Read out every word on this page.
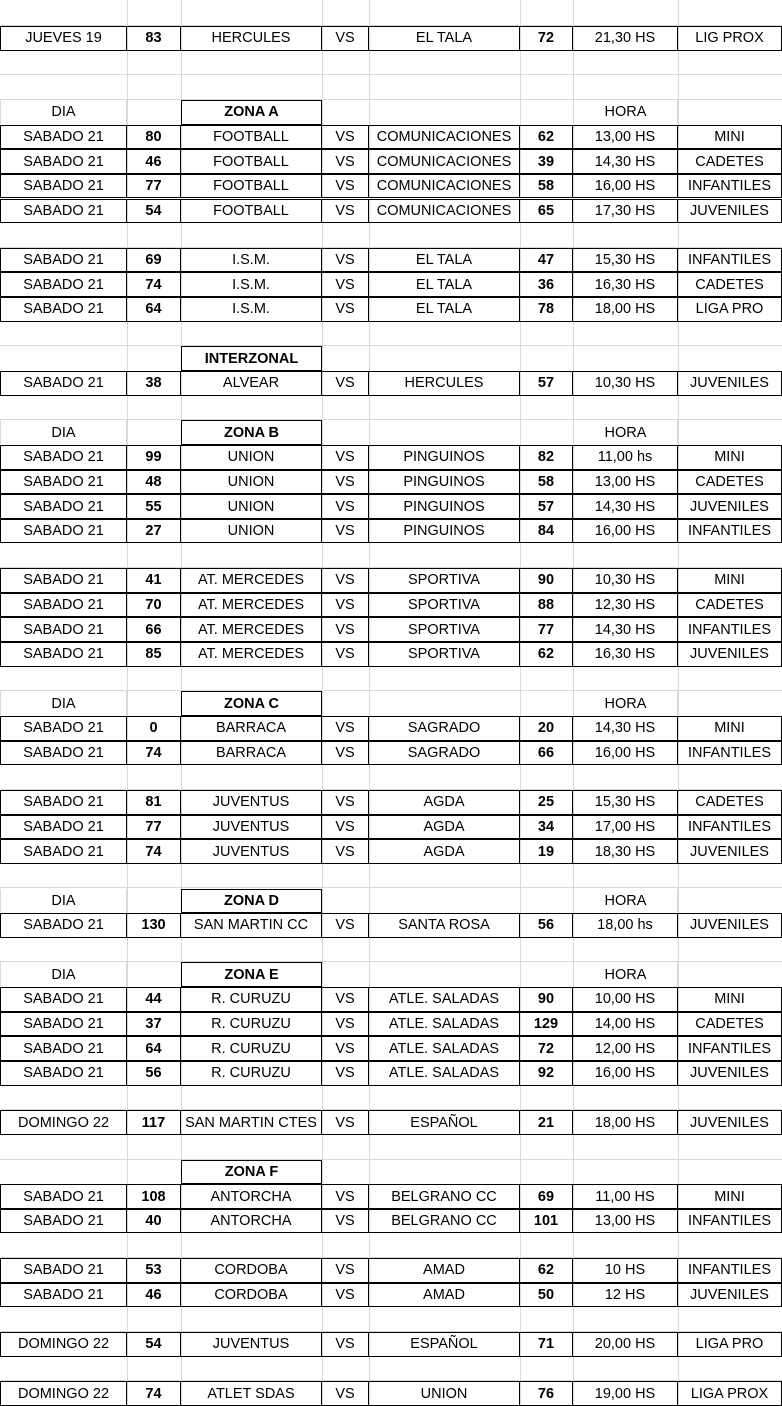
JUEVES 19	83	HERCULES	VS	EL TALA	72	21,30 HS	LIG PROX
DIA	ZONA A	HORA
SABADO 21	80	FOOTBALL	VS	COMUNICACIONES	62	13,00 HS	MINI
SABADO 21	46	FOOTBALL	VS	COMUNICACIONES	39	14,30 HS	CADETES
SABADO 21	77	FOOTBALL	VS	COMUNICACIONES	58	16,00 HS	INFANTILES
SABADO 21	54	FOOTBALL	VS	COMUNICACIONES	65	17,30 HS	JUVENILES
SABADO 21	69	I.S.M.	VS	EL TALA	47	15,30 HS	INFANTILES
SABADO 21	74	I.S.M.	VS	EL TALA	36	16,30 HS	CADETES
SABADO 21	64	I.S.M.	VS	EL TALA	78	18,00 HS	LIGA PRO
INTERZONAL
SABADO 21	38	ALVEAR	VS	HERCULES	57	10,30 HS	JUVENILES
DIA	ZONA B	HORA
SABADO 21	99	UNION	VS	PINGUINOS	82	11,00 hs	MINI
SABADO 21	48	UNION	VS	PINGUINOS	58	13,00 HS	CADETES
SABADO 21	55	UNION	VS	PINGUINOS	57	14,30 HS	JUVENILES
SABADO 21	27	UNION	VS	PINGUINOS	84	16,00 HS	INFANTILES
SABADO 21	41	AT. MERCEDES	VS	SPORTIVA	90	10,30 HS	MINI
SABADO 21	70	AT. MERCEDES	VS	SPORTIVA	88	12,30 HS	CADETES
SABADO 21	66	AT. MERCEDES	VS	SPORTIVA	77	14,30 HS	INFANTILES
SABADO 21	85	AT. MERCEDES	VS	SPORTIVA	62	16,30 HS	JUVENILES
DIA	ZONA C	HORA
SABADO 21	0	BARRACA	VS	SAGRADO	20	14,30 HS	MINI
SABADO 21	74	BARRACA	VS	SAGRADO	66	16,00 HS	INFANTILES
SABADO 21	81	JUVENTUS	VS	AGDA	25	15,30 HS	CADETES
SABADO 21	77	JUVENTUS	VS	AGDA	34	17,00 HS	INFANTILES
SABADO 21	74	JUVENTUS	VS	AGDA	19	18,30 HS	JUVENILES
DIA	ZONA D	HORA
SABADO 21	130	SAN MARTIN CC	VS	SANTA ROSA	56	18,00 hs	JUVENILES
DIA	ZONA E	HORA
SABADO 21	44	R. CURUZU	VS	ATLE. SALADAS	90	10,00 HS	MINI
SABADO 21	37	R. CURUZU	VS	ATLE. SALADAS	129	14,00 HS	CADETES
SABADO 21	64	R. CURUZU	VS	ATLE. SALADAS	72	12,00 HS	INFANTILES
SABADO 21	56	R. CURUZU	VS	ATLE. SALADAS	92	16,00 HS	JUVENILES
DOMINGO 22	117	SAN MARTIN CTES	VS	ESPAÑOL	21	18,00 HS	JUVENILES
ZONA F
SABADO 21	108	ANTORCHA	VS	BELGRANO CC	69	11,00 HS	MINI
SABADO 21	40	ANTORCHA	VS	BELGRANO CC	101	13,00 HS	INFANTILES
SABADO 21	53	CORDOBA	VS	AMAD	62	10 HS	INFANTILES
SABADO 21	46	CORDOBA	VS	AMAD	50	12 HS	JUVENILES
DOMINGO 22	54	JUVENTUS	VS	ESPAÑOL	71	20,00 HS	LIGA PRO
DOMINGO 22	74	ATLET SDAS	VS	UNION	76	19,00 HS	LIGA PROX
